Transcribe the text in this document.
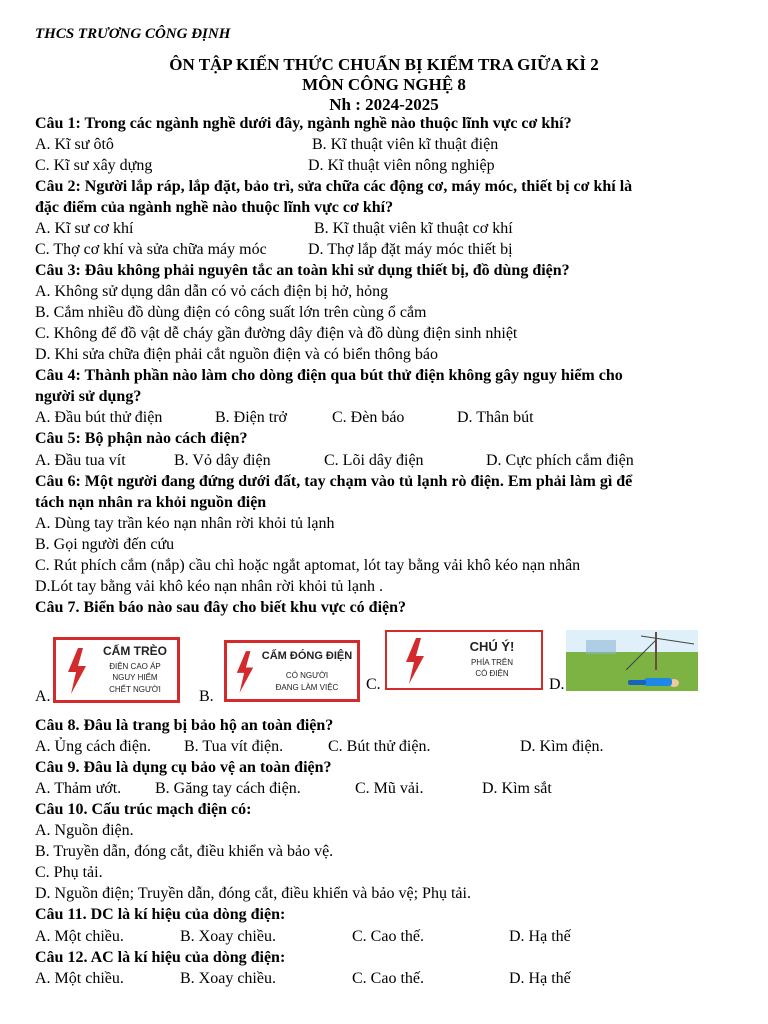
THCS TRƯƠNG CÔNG ĐỊNH
ÔN TẬP KIẾN THỨC CHUẨN BỊ KIỂM TRA GIỮA KÌ 2
MÔN CÔNG NGHỆ 8
Nh : 2024-2025
Câu 1: Trong các ngành nghề dưới đây, ngành nghề nào thuộc lĩnh vực cơ khí?
A. Kĩ sư ôtô	B. Kĩ thuật viên kĩ thuật điện
C. Kĩ sư xây dựng	D. Kĩ thuật viên nông nghiệp
Câu 2: Người lắp ráp, lắp đặt, bảo trì, sửa chữa các động cơ, máy móc, thiết bị cơ khí là
đặc điểm của ngành nghề nào thuộc lĩnh vực cơ khí?
A. Kĩ sư cơ khí	B. Kĩ thuật viên kĩ thuật cơ khí
C. Thợ cơ khí và sửa chữa máy móc	D. Thợ lắp đặt máy móc thiết bị
Câu 3: Đâu không phải nguyên tắc an toàn khi sử dụng thiết bị, đồ dùng điện?
A. Không sử dụng dân dẫn có vỏ cách điện bị hở, hỏng
B. Cắm nhiều đồ dùng điện có công suất lớn trên cùng ổ cắm
C. Không để đồ vật dễ cháy gần đường dây điện và đồ dùng điện sinh nhiệt
D. Khi sửa chữa điện phải cắt nguồn điện và có biển thông báo
Câu 4: Thành phần nào làm cho dòng điện qua bút thử điện không gây nguy hiểm cho
người sử dụng?
A. Đầu bút thử điện	B. Điện trở	C. Đèn báo	D. Thân bút
Câu 5: Bộ phận nào cách điện?
A. Đầu tua vít	B. Vỏ dây điện	C. Lõi dây điện	D. Cực phích cắm điện
Câu 6: Một người đang đứng dưới đất, tay chạm vào tủ lạnh rò điện. Em phải làm gì để
tách nạn nhân ra khỏi nguồn điện
A. Dùng tay trần kéo nạn nhân rời khỏi tủ lạnh
B. Gọi người đến cứu
C. Rút phích cắm (nắp) cầu chì hoặc ngắt aptomat, lót tay bằng vải khô kéo nạn nhân
D.Lót tay bằng vải khô kéo nạn nhân rời khỏi tủ lạnh .
Câu 7. Biển báo nào sau đây cho biết khu vực có điện?
CẤM TRÈO
ĐIỆN CAO ÁP
NGUY HIỂM
CHẾT NGƯỜI
A.
CẤM ĐÓNG ĐIỆN
CÓ NGƯỜI
ĐANG LÀM VIỆC
B.
C.
CHÚ Ý!
PHÍA TRÊN
CÓ ĐIỆN
D.
Câu 8. Đâu là trang bị bảo hộ an toàn điện?
A. Ủng cách điện. B. Tua vít điện.	C. Bút thử điện.	D. Kìm điện.
Câu 9. Đâu là dụng cụ bảo vệ an toàn điện?
A. Thảm ướt. B. Găng tay cách điện.	C. Mũ vải.	D. Kìm sắt
Câu 10. Cấu trúc mạch điện có:
A. Nguồn điện.
B. Truyền dẫn, đóng cắt, điều khiển và bảo vệ.
C. Phụ tải.
D. Nguồn điện; Truyền dẫn, đóng cắt, điều khiển và bảo vệ; Phụ tải.
Câu 11. DC là kí hiệu của dòng điện:
A. Một chiều.	B. Xoay chiều.	C. Cao thế.	D. Hạ thế
Câu 12. AC là kí hiệu của dòng điện:
A. Một chiều.	B. Xoay chiều.	C. Cao thế.	D. Hạ thế
